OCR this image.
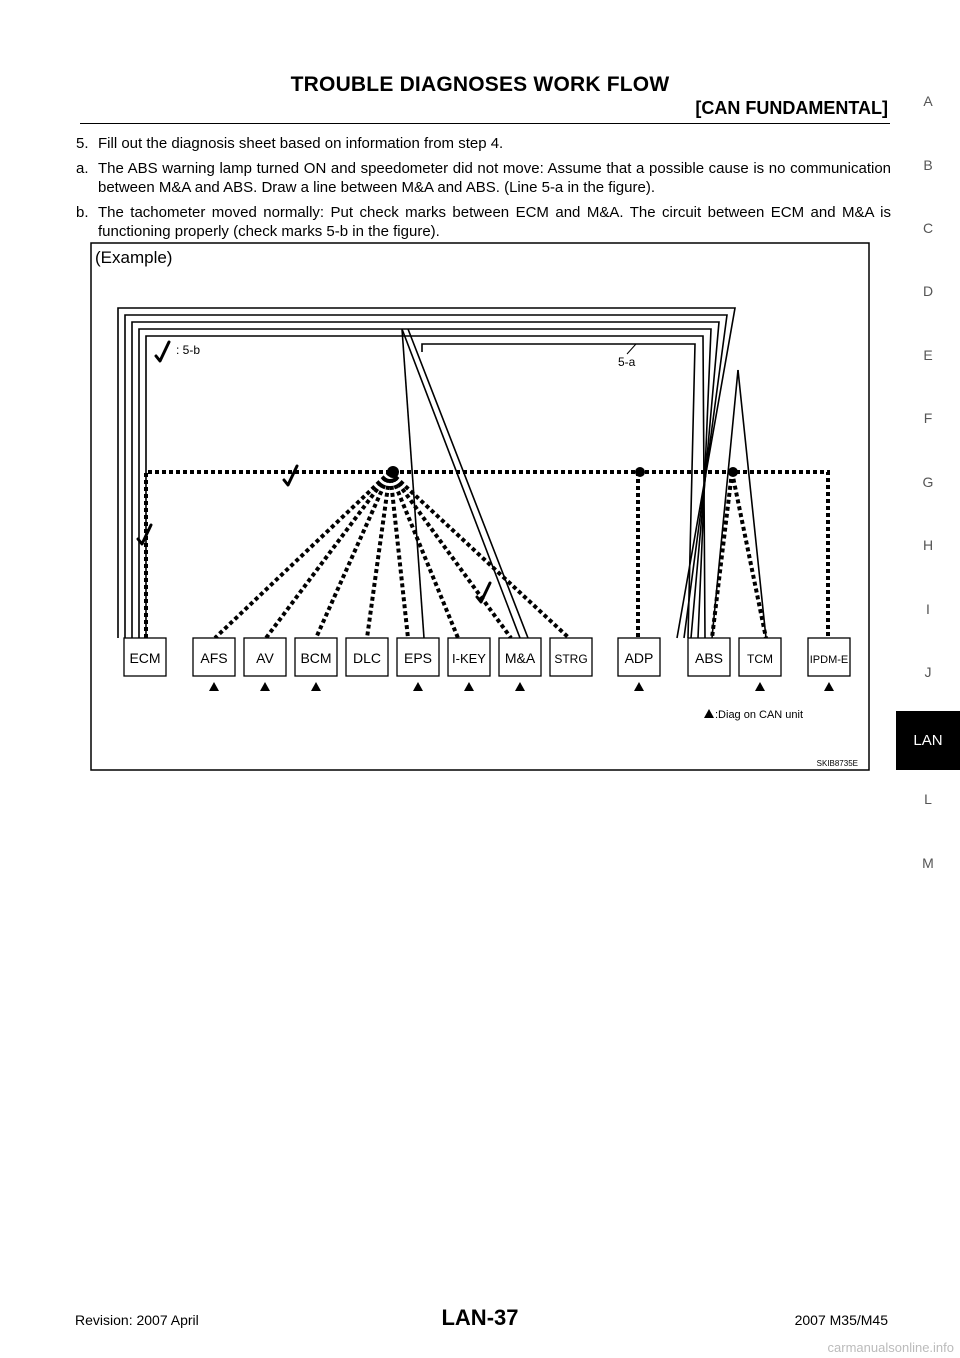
TROUBLE DIAGNOSES WORK FLOW
[CAN FUNDAMENTAL]
5. Fill out the diagnosis sheet based on information from step 4.
a. The ABS warning lamp turned ON and speedometer did not move: Assume that a possible cause is no communication between M&A and ABS. Draw a line between M&A and ABS. (Line 5-a in the figure).
b. The tachometer moved normally: Put check marks between ECM and M&A. The circuit between ECM and M&A is functioning properly (check marks 5-b in the figure).
(Example)
5-a
: 5-b
ECM	AFS AV BCM DLC EPS I-KEY M&A STRG	ADP	ABS TCM	IPDM-E
:Diag on CAN unit
SKIB8735E
A
B
C
D
E
F
G
H
I
J
LAN
L
M
LAN-37
Revision: 2007 April	2007 M35/M45
carmanualsonline.info
